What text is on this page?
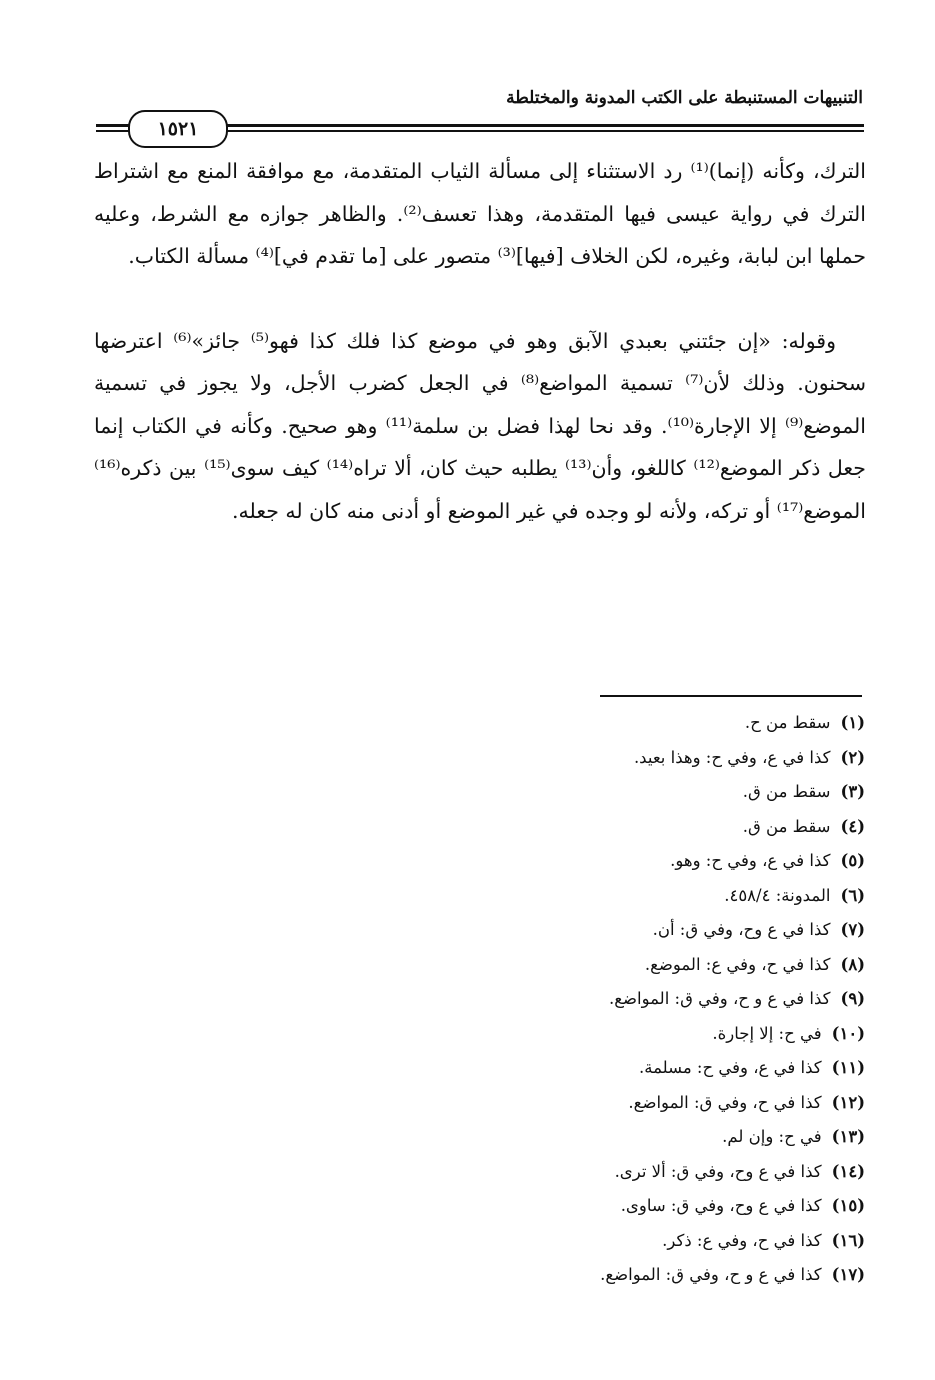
التنبيهات المستنبطة على الكتب المدونة والمختلطة
١٥٢١

الترك، وكأنه (إنما)⁽¹⁾ رد الاستثناء إلى مسألة الثياب المتقدمة، مع موافقة المنع مع اشتراط الترك في رواية عيسى فيها المتقدمة، وهذا تعسف⁽²⁾. والظاهر جوازه مع الشرط، وعليه حملها ابن لبابة، وغيره، لكن الخلاف [فيها]⁽³⁾ متصور على [ما تقدم في]⁽⁴⁾ مسألة الكتاب.

وقوله: «إن جئتني بعبدي الآبق وهو في موضع كذا فلك كذا فهو⁽⁵⁾ جائز»⁽⁶⁾ اعترضها سحنون. وذلك لأن⁽⁷⁾ تسمية المواضع⁽⁸⁾ في الجعل كضرب الأجل، ولا يجوز في تسمية الموضع⁽⁹⁾ إلا الإجارة⁽¹⁰⁾. وقد نحا لهذا فضل بن سلمة⁽¹¹⁾ وهو صحيح. وكأنه في الكتاب إنما جعل ذكر الموضع⁽¹²⁾ كاللغو، وأن⁽¹³⁾ يطلبه حيث كان، ألا تراه⁽¹⁴⁾ كيف سوى⁽¹⁵⁾ بين ذكره⁽¹⁶⁾ الموضع⁽¹⁷⁾ أو تركه، ولأنه لو وجده في غير الموضع أو أدنى منه كان له جعله.

(١)سقط من ح.
(٢)كذا في ع، وفي ح: وهذا بعيد.
(٣)سقط من ق.
(٤)سقط من ق.
(٥)كذا في ع، وفي ح: وهو.
(٦)المدونة: ٤٥٨/٤.
(٧)كذا في ع وح، وفي ق: أن.
(٨)كذا في ح، وفي ع: الموضع.
(٩)كذا في ع و ح، وفي ق: المواضع.
(١٠)في ح: إلا إجارة.
(١١)كذا في ع، وفي ح: مسلمة.
(١٢)كذا في ح، وفي ق: المواضع.
(١٣)في ح: وإن لم.
(١٤)كذا في ع وح، وفي ق: ألا ترى.
(١٥)كذا في ع وح، وفي ق: ساوى.
(١٦)كذا في ح، وفي ع: ذكر.
(١٧)كذا في ع و ح، وفي ق: المواضع.
